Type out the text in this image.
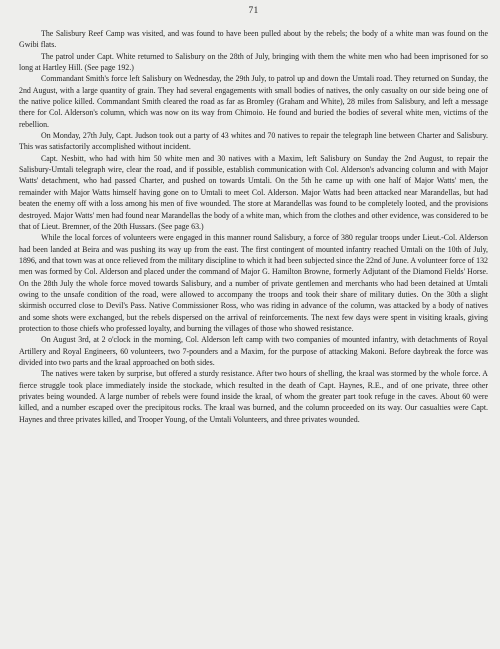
71

The Salisbury Reef Camp was visited, and was found to have been pulled about by the rebels; the body of a white man was found on the Gwibi flats.

The patrol under Capt. White returned to Salisbury on the 28th of July, bringing with them the white men who had been imprisoned for so long at Hartley Hill. (See page 192.)

Commandant Smith's force left Salisbury on Wednesday, the 29th July, to patrol up and down the Umtali road. They returned on Sunday, the 2nd August, with a large quantity of grain. They had several engagements with small bodies of natives, the only casualty on our side being one of the native police killed. Commandant Smith cleared the road as far as Bromley (Graham and White), 28 miles from Salisbury, and left a message there for Col. Alderson's column, which was now on its way from Chimoio. He found and buried the bodies of several white men, victims of the rebellion.

On Monday, 27th July, Capt. Judson took out a party of 43 whites and 70 natives to repair the telegraph line between Charter and Salisbury. This was satisfactorily accomplished without incident.

Capt. Nesbitt, who had with him 50 white men and 30 natives with a Maxim, left Salisbury on Sunday the 2nd August, to repair the Salisbury-Umtali telegraph wire, clear the road, and if possible, establish communication with Col. Alderson's advancing column and with Major Watts' detachment, who had passed Charter, and pushed on towards Umtali. On the 5th he came up with one half of Major Watts' men, the remainder with Major Watts himself having gone on to Umtali to meet Col. Alderson. Major Watts had been attacked near Marandellas, but had beaten the enemy off with a loss among his men of five wounded. The store at Marandellas was found to be completely looted, and the provisions destroyed. Major Watts' men had found near Marandellas the body of a white man, which from the clothes and other evidence, was considered to be that of Lieut. Bremner, of the 20th Hussars. (See page 63.)

While the local forces of volunteers were engaged in this manner round Salisbury, a force of 380 regular troops under Lieut.-Col. Alderson had been landed at Beira and was pushing its way up from the east. The first contingent of mounted infantry reached Umtali on the 10th of July, 1896, and that town was at once relieved from the military discipline to which it had been subjected since the 22nd of June. A volunteer force of 132 men was formed by Col. Alderson and placed under the command of Major G. Hamilton Browne, formerly Adjutant of the Diamond Fields' Horse. On the 28th July the whole force moved towards Salisbury, and a number of private gentlemen and merchants who had been detained at Umtali owing to the unsafe condition of the road, were allowed to accompany the troops and took their share of military duties. On the 30th a slight skirmish occurred close to Devil's Pass. Native Commissioner Ross, who was riding in advance of the column, was attacked by a body of natives and some shots were exchanged, but the rebels dispersed on the arrival of reinforcements. The next few days were spent in visiting kraals, giving protection to those chiefs who professed loyalty, and burning the villages of those who showed resistance.

On August 3rd, at 2 o'clock in the morning, Col. Alderson left camp with two companies of mounted infantry, with detachments of Royal Artillery and Royal Engineers, 60 volunteers, two 7-pounders and a Maxim, for the purpose of attacking Makoni. Before daybreak the force was divided into two parts and the kraal approached on both sides.

The natives were taken by surprise, but offered a sturdy resistance. After two hours of shelling, the kraal was stormed by the whole force. A fierce struggle took place immediately inside the stockade, which resulted in the death of Capt. Haynes, R.E., and of one private, three other privates being wounded. A large number of rebels were found inside the kraal, of whom the greater part took refuge in the caves. About 60 were killed, and a number escaped over the precipitous rocks. The kraal was burned, and the column proceeded on its way. Our casualties were Capt. Haynes and three privates killed, and Trooper Young, of the Umtali Volunteers, and three privates wounded.
